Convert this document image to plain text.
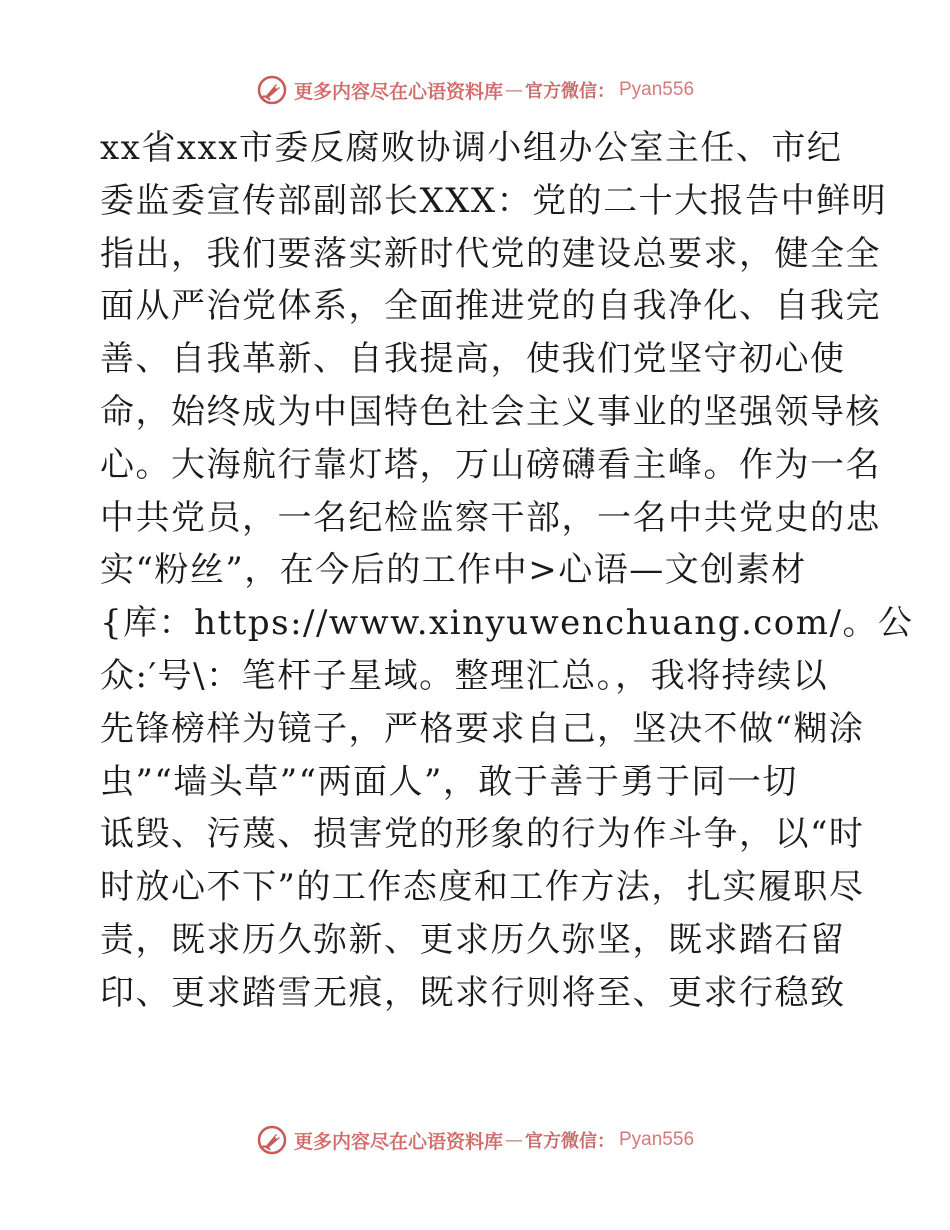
更多内容尽在心语资料库 — 官方微信： Pyan556
xx省xxx市委反腐败协调小组办公室主任、市纪
委监委宣传部副部长XXX：党的二十大报告中鲜明
指出，我们要落实新时代党的建设总要求，健全全
面从严治党体系，全面推进党的自我净化、自我完
善、自我革新、自我提高，使我们党坚守初心使
命，始终成为中国特色社会主义事业的坚强领导核
心。大海航行靠灯塔，万山磅礴看主峰。作为一名
中共党员，一名纪检监察干部，一名中共党史的忠
实“粉丝”，在今后的工作中>心语—文创素材
{库：https://www.xinyuwenchuang.com/。公
众:′号\：笔杆子星域。整理汇总。，我将持续以
先锋榜样为镜子，严格要求自己，坚决不做“糊涂
虫”“墙头草”“两面人”，敢于善于勇于同一切
诋毁、污蔑、损害党的形象的行为作斗争，以“时
时放心不下”的工作态度和工作方法，扎实履职尽
责，既求历久弥新、更求历久弥坚，既求踏石留
印、更求踏雪无痕，既求行则将至、更求行稳致
更多内容尽在心语资料库 — 官方微信： Pyan556
